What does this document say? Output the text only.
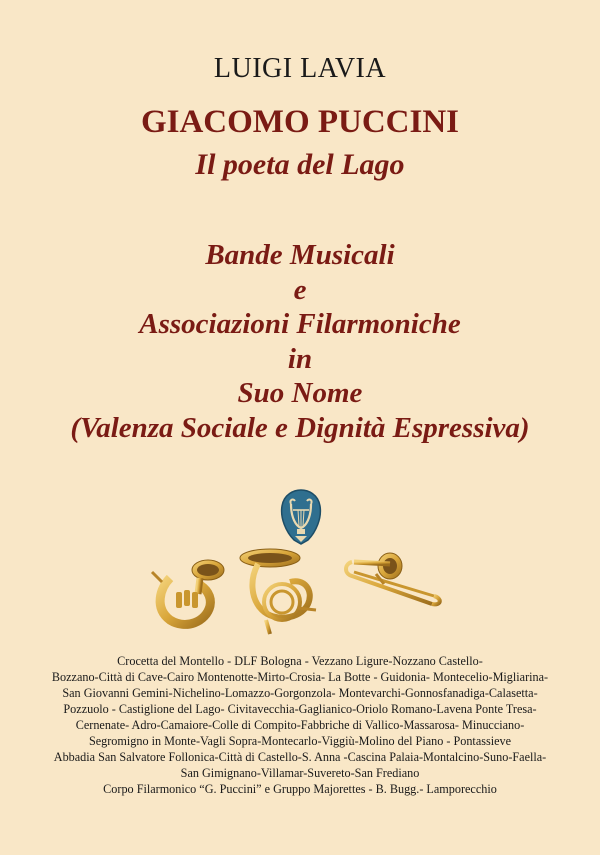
LUIGI LAVIA
GIACOMO PUCCINI
Il poeta del Lago
Bande Musicali
e
Associazioni Filarmoniche
in
Suo Nome
(Valenza Sociale e Dignità Espressiva)
Crocetta del Montello - DLF Bologna - Vezzano Ligure-Nozzano Castello-
Bozzano-Città di Cave-Cairo Montenotte-Mirto-Crosia- La Botte - Guidonia- Montecelio-Migliarina-
San Giovanni Gemini-Nichelino-Lomazzo-Gorgonzola- Montevarchi-Gonnosfanadiga-Calasetta-
Pozzuolo - Castiglione del Lago- Civitavecchia-Gaglianico-Oriolo Romano-Lavena Ponte Tresa-
Cernenate- Adro-Camaiore-Colle di Compito-Fabbriche di Vallico-Massarosa- Minucciano-
Segromigno in Monte-Vagli Sopra-Montecarlo-Viggiù-Molino del Piano - Pontassieve
Abbadia San Salvatore Follonica-Città di Castello-S. Anna -Cascina Palaia-Montalcino-Suno-Faella-
San Gimignano-Villamar-Suvereto-San Frediano
Corpo Filarmonico “G. Puccini” e Gruppo Majorettes - B. Bugg.- Lamporecchio
